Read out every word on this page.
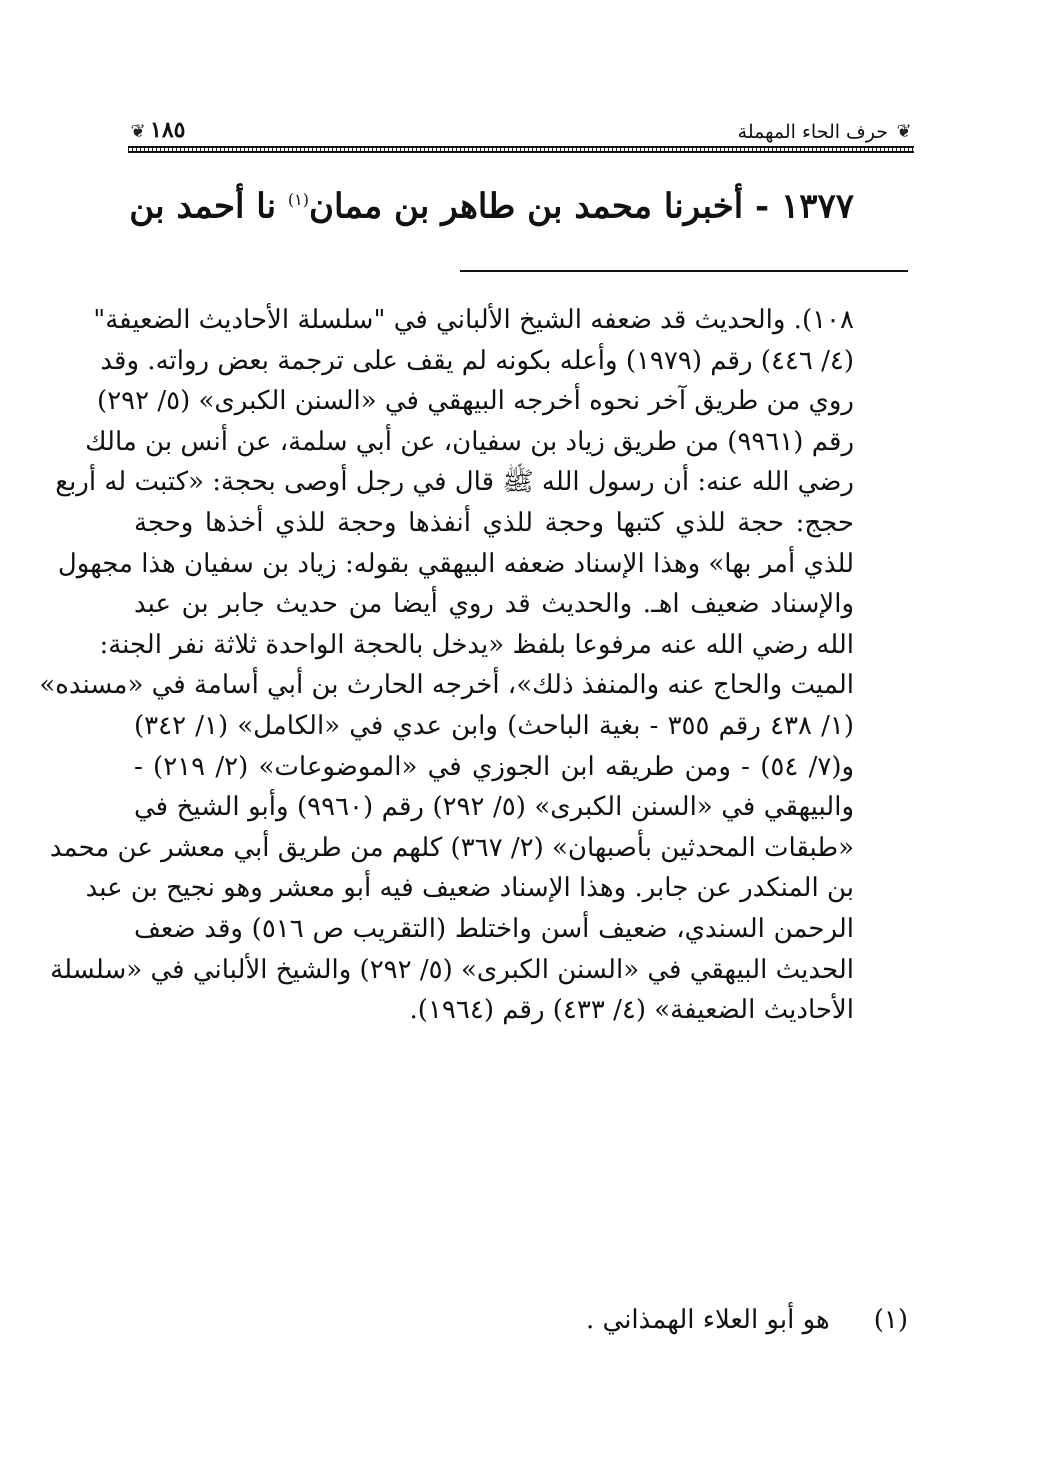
❦ ١٨٥	حرف الحاء المهملة ❦
١٣٧٧ - أخبرنا محمد بن طاهر بن ممان$^{(١)}$ نا أحمد بن
١٠٨). والحديث قد ضعفه الشيخ الألباني في "سلسلة الأحاديث الضعيفة"
(٤/ ٤٤٦) رقم (١٩٧٩) وأعله بكونه لم يقف على ترجمة بعض رواته. وقد
روي من طريق آخر نحوه أخرجه البيهقي في «السنن الكبرى» (٥/ ٢٩٢)
رقم (٩٩٦١) من طريق زياد بن سفيان، عن أبي سلمة، عن أنس بن مالك
رضي الله عنه: أن رسول الله ﷺ قال في رجل أوصى بحجة: «كتبت له أربع
حجج: حجة للذي كتبها وحجة للذي أنفذها وحجة للذي أخذها وحجة
للذي أمر بها» وهذا الإسناد ضعفه البيهقي بقوله: زياد بن سفيان هذا مجهول
والإسناد ضعيف اهـ. والحديث قد روي أيضا من حديث جابر بن عبد
الله رضي الله عنه مرفوعا بلفظ «يدخل بالحجة الواحدة ثلاثة نفر الجنة:
الميت والحاج عنه والمنفذ ذلك»، أخرجه الحارث بن أبي أسامة في «مسنده»
(١/ ٤٣٨ رقم ٣٥٥ - بغية الباحث) وابن عدي في «الكامل» (١/ ٣٤٢)
و(٧/ ٥٤) - ومن طريقه ابن الجوزي في «الموضوعات» (٢/ ٢١٩) -
والبيهقي في «السنن الكبرى» (٥/ ٢٩٢) رقم (٩٩٦٠) وأبو الشيخ في
«طبقات المحدثين بأصبهان» (٢/ ٣٦٧) كلهم من طريق أبي معشر عن محمد
بن المنكدر عن جابر. وهذا الإسناد ضعيف فيه أبو معشر وهو نجيح بن عبد
الرحمن السندي، ضعيف أسن واختلط (التقريب ص ٥١٦) وقد ضعف
الحديث البيهقي في «السنن الكبرى» (٥/ ٢٩٢) والشيخ الألباني في «سلسلة
الأحاديث الضعيفة» (٤/ ٤٣٣) رقم (١٩٦٤).
(١) هو أبو العلاء الهمذاني .
